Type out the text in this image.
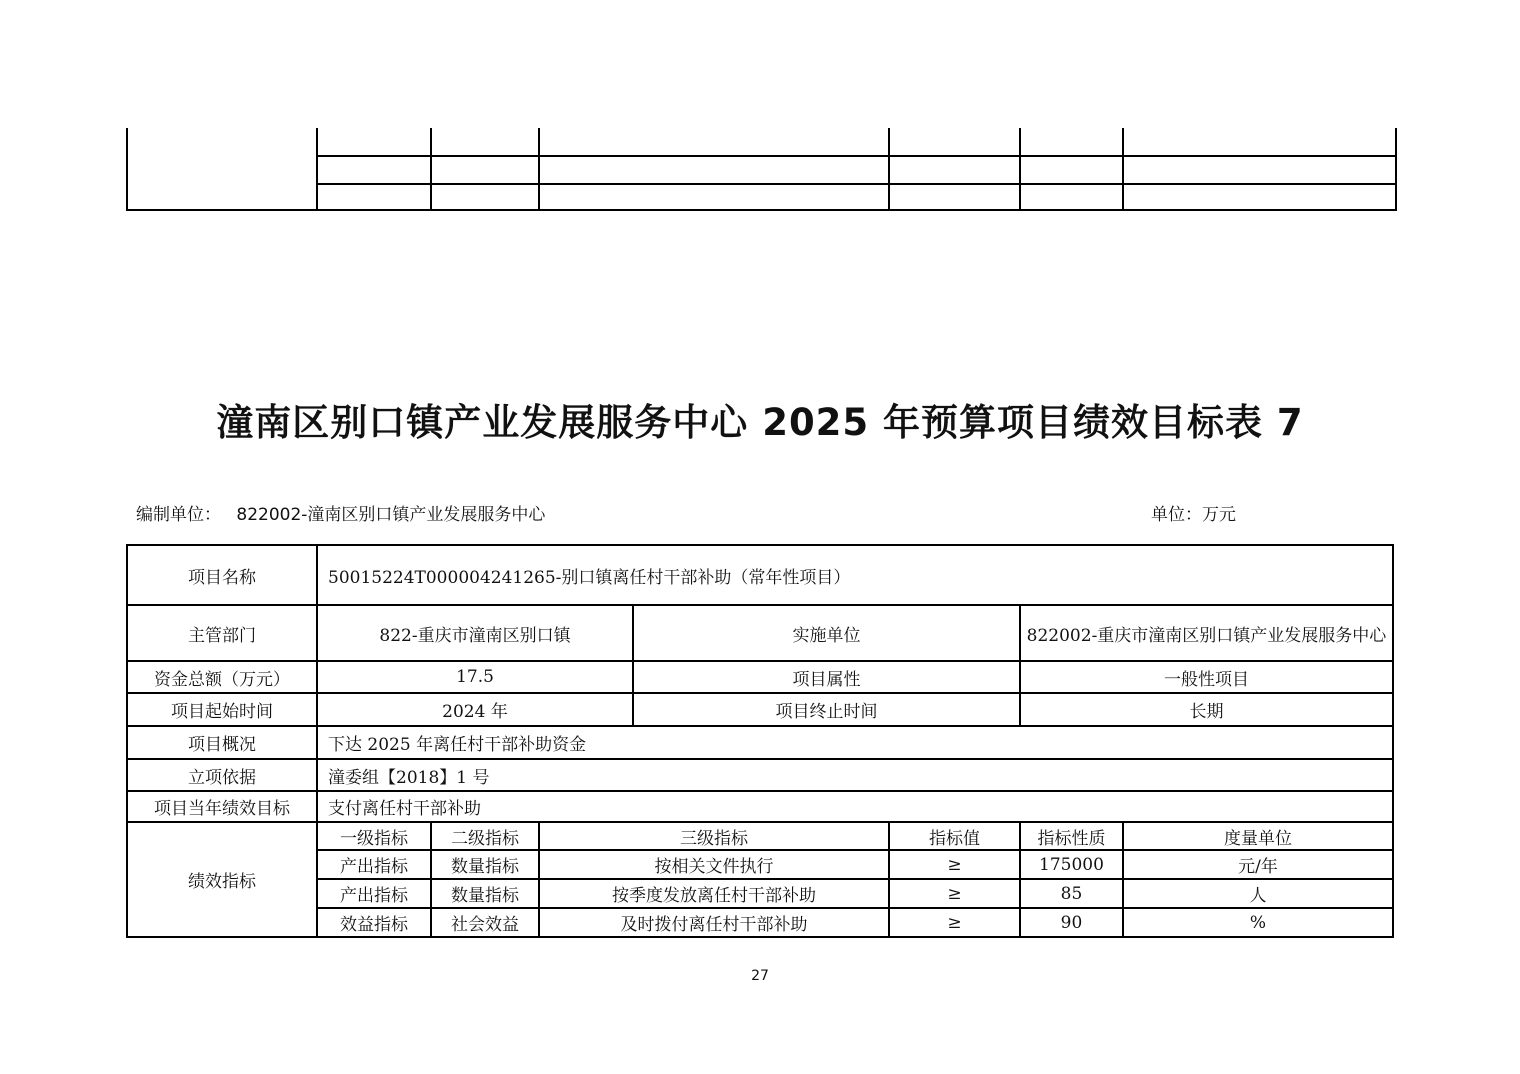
潼南区别口镇产业发展服务中心 2025 年预算项目绩效目标表 7
编制单位： 822002-潼南区别口镇产业发展服务中心	单位：万元
项目名称	50015224T000004241265-别口镇离任村干部补助（常年性项目）						
主管部门	822-重庆市潼南区别口镇			实施单位		822002-重庆市潼南区别口镇产业发展服务中心	
资金总额（万元）	17.5			项目属性		一般性项目	
项目起始时间	2024 年			项目终止时间		长期	
项目概况	下达 2025 年离任村干部补助资金						
立项依据	潼委组【2018】1 号						
项目当年绩效目标	支付离任村干部补助						
绩效指标	一级指标	二级指标	三级指标		指标值	指标性质	度量单位
	产出指标	数量指标	按相关文件执行		≥	175000	元/年
	产出指标	数量指标	按季度发放离任村干部补助		≥	85	人
	效益指标	社会效益	及时拨付离任村干部补助		≥	90	%
27
